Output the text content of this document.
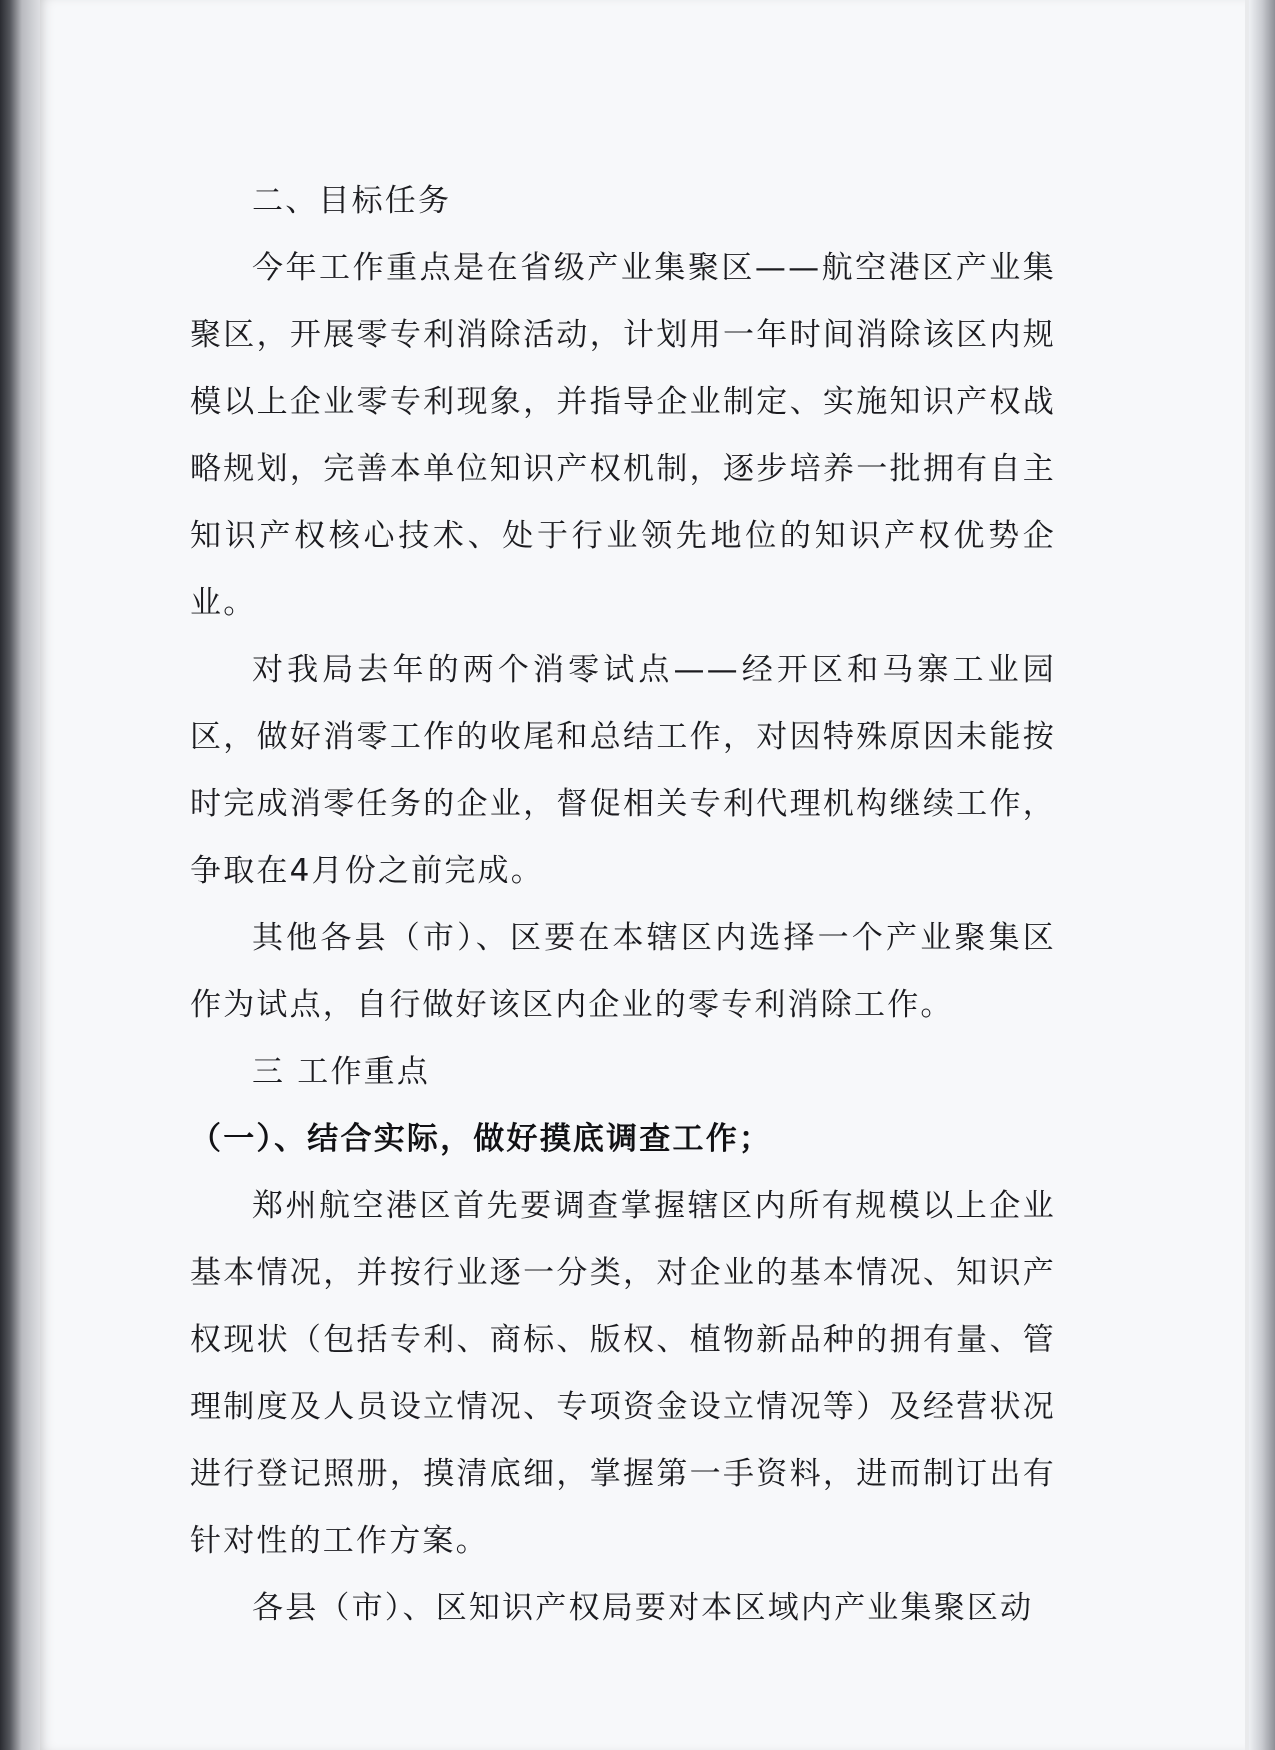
二、目标任务

今年工作重点是在省级产业集聚区——航空港区产业集聚区，开展零专利消除活动，计划用一年时间消除该区内规模以上企业零专利现象，并指导企业制定、实施知识产权战略规划，完善本单位知识产权机制，逐步培养一批拥有自主知识产权核心技术、处于行业领先地位的知识产权优势企业。

对我局去年的两个消零试点——经开区和马寨工业园区，做好消零工作的收尾和总结工作，对因特殊原因未能按时完成消零任务的企业，督促相关专利代理机构继续工作，争取在4月份之前完成。

其他各县（市）、区要在本辖区内选择一个产业聚集区作为试点，自行做好该区内企业的零专利消除工作。

三 工作重点

（一）、结合实际，做好摸底调查工作；

郑州航空港区首先要调查掌握辖区内所有规模以上企业基本情况，并按行业逐一分类，对企业的基本情况、知识产权现状（包括专利、商标、版权、植物新品种的拥有量、管理制度及人员设立情况、专项资金设立情况等）及经营状况进行登记照册，摸清底细，掌握第一手资料，进而制订出有针对性的工作方案。

各县（市）、区知识产权局要对本区域内产业集聚区动
